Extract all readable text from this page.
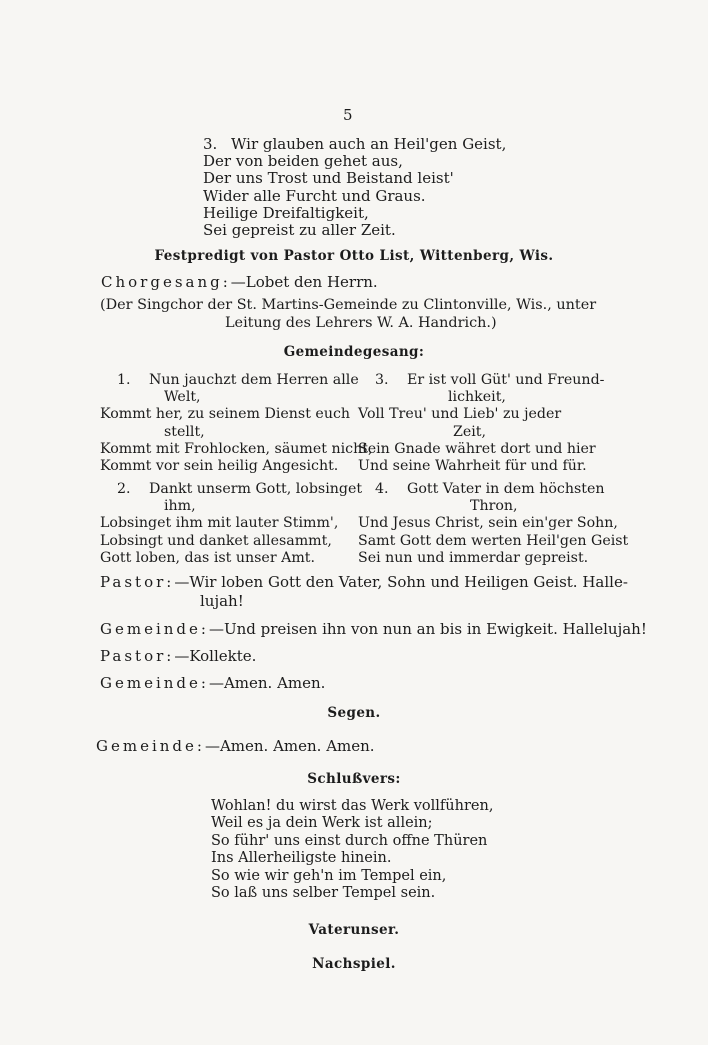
5
3. Wir glauben auch an Heil'gen Geist,
Der von beiden gehet aus,
Der uns Trost und Beistand leist'
Wider alle Furcht und Graus.
Heilige Dreifaltigkeit,
Sei gepreist zu aller Zeit.
Festpredigt von Pastor Otto List, Wittenberg, Wis.
Chorgesang:—Lobet den Herrn.
(Der Singchor der St. Martins-Gemeinde zu Clintonville, Wis., unter
Leitung des Lehrers W. A. Handrich.)
Gemeindegesang:
1. Nun jauchzt dem Herren alle
Welt,
Kommt her, zu seinem Dienst euch
stellt,
Kommt mit Frohlocken, säumet nicht,
Kommt vor sein heilig Angesicht.
3. Er ist voll Güt' und Freund-
lichkeit,
Voll Treu' und Lieb' zu jeder
Zeit,
Sein Gnade währet dort und hier
Und seine Wahrheit für und für.
2. Dankt unserm Gott, lobsinget
ihm,
Lobsinget ihm mit lauter Stimm',
Lobsingt und danket allesammt,
Gott loben, das ist unser Amt.
4. Gott Vater in dem höchsten
Thron,
Und Jesus Christ, sein ein'ger Sohn,
Samt Gott dem werten Heil'gen Geist
Sei nun und immerdar gepreist.
Pastor:—Wir loben Gott den Vater, Sohn und Heiligen Geist. Halle-
lujah!
Gemeinde:—Und preisen ihn von nun an bis in Ewigkeit. Hallelujah!
Pastor:—Kollekte.
Gemeinde:—Amen. Amen.
Segen.
Gemeinde:—Amen. Amen. Amen.
Schlußvers:
Wohlan! du wirst das Werk vollführen,
Weil es ja dein Werk ist allein;
So führ' uns einst durch offne Thüren
Ins Allerheiligste hinein.
So wie wir geh'n im Tempel ein,
So laß uns selber Tempel sein.
Vaterunser.
Nachspiel.
